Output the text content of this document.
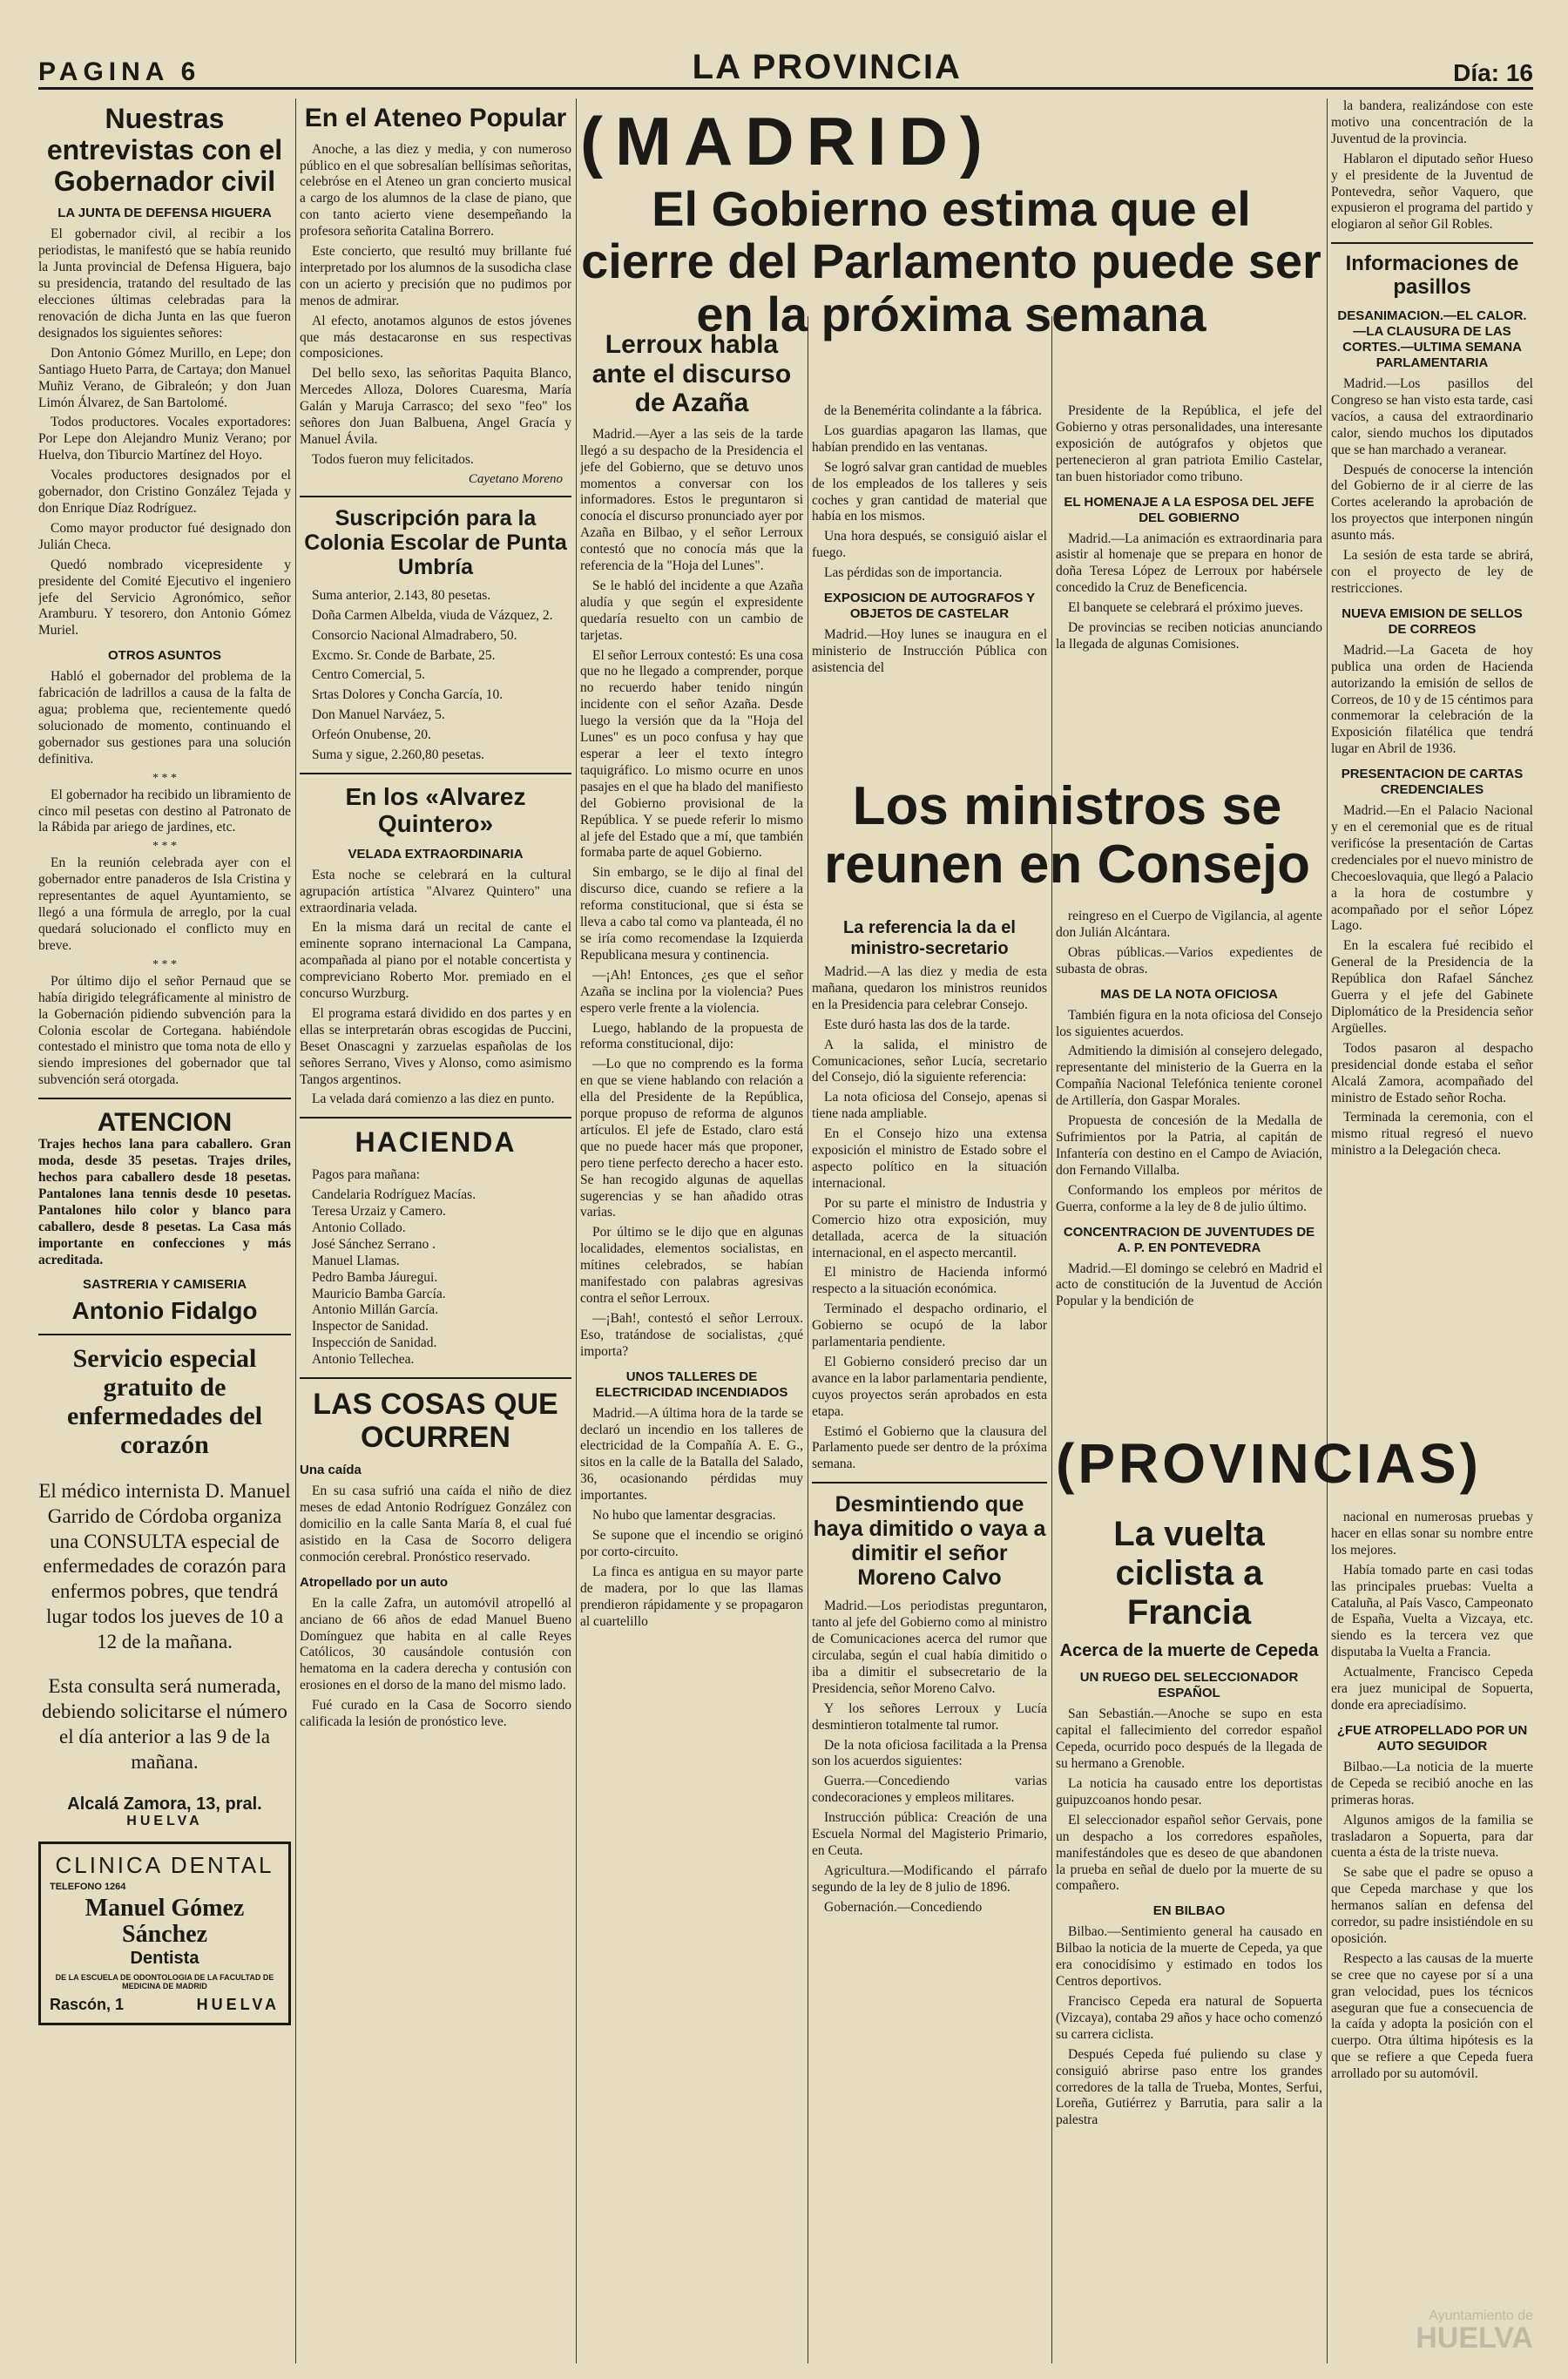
PAGINA 6	LA PROVINCIA	Día: 16
Nuestras entrevistas con el Gobernador civil
LA JUNTA DE DEFENSA HIGUERA

El gobernador civil, al recibir a los periodistas, le manifestó que se había reunido la Junta provincial de Defensa Higuera, bajo su presidencia, tratando del resultado de las elecciones últimas celebradas para la renovación de dicha Junta en las que fueron designados los siguientes señores:

Don Antonio Gómez Murillo, en Lepe; don Santiago Hueto Parra, de Cartaya; don Manuel Muñiz Verano, de Gibraleón; y don Juan Limón Álvarez, de San Bartolomé.

Todos productores. Vocales exportadores: Por Lepe don Alejandro Muniz Verano; por Huelva, don Tiburcio Martínez del Hoyo.

Vocales productores designados por el gobernador, don Cristino González Tejada y don Enrique Díaz Rodríguez.

Como mayor productor fué designado don Julián Checa.

Quedó nombrado vicepresidente y presidente del Comité Ejecutivo el ingeniero jefe del Servicio Agronómico, señor Aramburu. Y tesorero, don Antonio Gómez Muriel.

OTROS ASUNTOS

Habló el gobernador del problema de la fabricación de ladrillos a causa de la falta de agua; problema que, recientemente quedó solucionado de momento, continuando el gobernador sus gestiones para una solución definitiva.

* * *

El gobernador ha recibido un libramiento de cinco mil pesetas con destino al Patronato de la Rábida par ariego de jardines, etc.

* * *

En la reunión celebrada ayer con el gobernador entre panaderos de Isla Cristina y representantes de aquel Ayuntamiento, se llegó a una fórmula de arreglo, por la cual quedará solucionado el conflicto muy en breve.

* * *

Por último dijo el señor Pernaud que se había dirigido telegráficamente al ministro de la Gobernación pidiendo subvención para la Colonia escolar de Cortegana. habiéndole contestado el ministro que toma nota de ello y siendo impresiones del gobernador que tal subvención será otorgada.

ATENCION

Trajes hechos lana para caballero. Gran moda, desde 35 pesetas. Trajes driles, hechos para caballero desde 18 pesetas. Pantalones lana tennis desde 10 pesetas. Pantalones hilo color y blanco para caballero, desde 8 pesetas. La Casa más importante en confecciones y más acreditada.

SASTRERIA Y CAMISERIA
Antonio Fidalgo
Servicio especial gratuito de enfermedades del corazón

El médico internista D. Manuel Garrido de Córdoba organiza una CONSULTA especial de enfermedades de corazón para enfermos pobres, que tendrá lugar todos los jueves de 10 a 12 de la mañana.

Esta consulta será numerada, debiendo solicitarse el número el día anterior a las 9 de la mañana.

Alcalá Zamora, 13, pral.
HUELVA
CLINICA DENTAL
TELEFONO 1264
Manuel Gómez Sánchez
Dentista
DE LA ESCUELA DE ODONTOLOGIA DE LA FACULTAD DE MEDICINA DE MADRID
Rascón, 1	HUELVA
En el Ateneo Popular

Anoche, a las diez y media, y con numeroso público en el que sobresalían bellísimas señoritas, celebróse en el Ateneo un gran concierto musical a cargo de los alumnos de la clase de piano, que con tanto acierto viene desempeñando la profesora señorita Catalina Borrero.

Este concierto, que resultó muy brillante fué interpretado por los alumnos de la susodicha clase con un acierto y precisión que no pudimos por menos de admirar.

Al efecto, anotamos algunos de estos jóvenes que más destacaronse en sus respectivas composiciones.

Del bello sexo, las señoritas Paquita Blanco, Mercedes Alloza, Dolores Cuaresma, María Galán y Maruja Carrasco; del sexo "feo" los señores don Juan Balbuena, Angel Gracía y Manuel Ávila.

Todos fueron muy felicitados.

Cayetano Moreno
Suscripción para la Colonia Escolar de Punta Umbría

Suma anterior, 2.143, 80 pesetas.

Doña Carmen Albelda, viuda de Vázquez, 2.

Consorcio Nacional Almadrabero, 50.

Excmo. Sr. Conde de Barbate, 25.

Centro Comercial, 5.

Srtas Dolores y Concha García, 10.

Don Manuel Narváez, 5.

Orfeón Onubense, 20.

Suma y sigue, 2.260,80 pesetas.

En los «Alvarez Quintero»
VELADA EXTRAORDINARIA

Esta noche se celebrará en la cultural agrupación artística "Alvarez Quintero" una extraordinaria velada.

En la misma dará un recital de cante el eminente soprano internacional La Campana, acompañada al piano por el notable concertista y compreviciano Roberto Mor. premiado en el concurso Wurzburg.

El programa estará dividido en dos partes y en ellas se interpretarán obras escogidas de Puccini, Beset Onascagni y zarzuelas españolas de los señores Serrano, Vives y Alonso, como asimismo Tangos argentinos.

La velada dará comienzo a las diez en punto.

HACIENDA

Pagos para mañana:

Candelaria Rodríguez Macías.
Teresa Urzaiz y Camero.
Antonio Collado.
José Sánchez Serrano .
Manuel Llamas.
Pedro Bamba Jáuregui.
Mauricio Bamba García.
Antonio Millán García.
Inspector de Sanidad.
Inspección de Sanidad.
Antonio Tellechea.
LAS COSAS QUE OCURREN
Una caída

En su casa sufrió una caída el niño de diez meses de edad Antonio Rodríguez González con domicilio en la calle Santa María 8, el cual fué asistido en la Casa de Socorro deligera conmoción cerebral. Pronóstico reservado.

Atropellado por un auto

En la calle Zafra, un automóvil atropelló al anciano de 66 años de edad Manuel Bueno Domínguez que habita en al calle Reyes Católicos, 30 causándole contusión con hematoma en la cadera derecha y contusión con erosiones en el dorso de la mano del mismo lado.

Fué curado en la Casa de Socorro siendo calificada la lesión de pronóstico leve.

(MADRID)
El Gobierno estima que el cierre del Parlamento puede ser en la próxima semana
Lerroux habla ante el discurso de Azaña

Madrid.—Ayer a las seis de la tarde llegó a su despacho de la Presidencia el jefe del Gobierno, que se detuvo unos momentos a conversar con los informadores. Estos le preguntaron si conocía el discurso pronunciado ayer por Azaña en Bilbao, y el señor Lerroux contestó que no conocía más que la referencia de la "Hoja del Lunes".

Se le habló del incidente a que Azaña aludía y que según el expresidente quedaría resuelto con un cambio de tarjetas.

El señor Lerroux contestó: Es una cosa que no he llegado a comprender, porque no recuerdo haber tenido ningún incidente con el señor Azaña. Desde luego la versión que da la "Hoja del Lunes" es un poco confusa y hay que esperar a leer el texto íntegro taquigráfico. Lo mismo ocurre en unos pasajes en el que ha blado del manifiesto del Gobierno provisional de la República. Y se puede referir lo mismo al jefe del Estado que a mí, que también formaba parte de aquel Gobierno.

Sin embargo, se le dijo al final del discurso dice, cuando se refiere a la reforma constitucional, que si ésta se lleva a cabo tal como va planteada, él no se iría como recomendase la Izquierda Republicana mesura y continencia.

—¡Ah! Entonces, ¿es que el señor Azaña se inclina por la violencia? Pues espero verle frente a la violencia.

Luego, hablando de la propuesta de reforma constitucional, dijo:

—Lo que no comprendo es la forma en que se viene hablando con relación a ella del Presidente de la República, porque propuso de reforma de algunos artículos. El jefe de Estado, claro está que no puede hacer más que proponer, pero tiene perfecto derecho a hacer esto. Se han recogido algunas de aquellas sugerencias y se han añadido otras varias.

Por último se le dijo que en algunas localidades, elementos socialistas, en mítines celebrados, se habían manifestado con palabras agresivas contra el señor Lerroux.

—¡Bah!, contestó el señor Lerroux. Eso, tratándose de socialistas, ¿qué importa?

UNOS TALLERES DE ELECTRICIDAD INCENDIADOS

Madrid.—A última hora de la tarde se declaró un incendio en los talleres de electricidad de la Compañía A. E. G., sitos en la calle de la Batalla del Salado, 36, ocasionando pérdidas muy importantes.

No hubo que lamentar desgracias.

Se supone que el incendio se originó por corto-circuito.

La finca es antigua en su mayor parte de madera, por lo que las llamas prendieron rápidamente y se propagaron al cuartelillo

de la Benemérita colindante a la fábrica.

Los guardias apagaron las llamas, que habían prendido en las ventanas.

Se logró salvar gran cantidad de muebles de los empleados de los talleres y seis coches y gran cantidad de material que había en los mismos.

Una hora después, se consiguió aislar el fuego.

Las pérdidas son de importancia.

EXPOSICION DE AUTOGRAFOS Y OBJETOS DE CASTELAR

Madrid.—Hoy lunes se inaugura en el ministerio de Instrucción Pública con asistencia del

Presidente de la República, el jefe del Gobierno y otras personalidades, una interesante exposición de autógrafos y objetos que pertenecieron al gran patriota Emilio Castelar, tan buen historiador como tribuno.

EL HOMENAJE A LA ESPOSA DEL JEFE DEL GOBIERNO

Madrid.—La animación es extraordinaria para asistir al homenaje que se prepara en honor de doña Teresa López de Lerroux por habérsele concedido la Cruz de Beneficencia.

El banquete se celebrará el próximo jueves.

De provincias se reciben noticias anunciando la llegada de algunas Comisiones.

Los ministros se reunen en Consejo
La referencia la da el ministro-secretario

Madrid.—A las diez y media de esta mañana, quedaron los ministros reunidos en la Presidencia para celebrar Consejo.

Este duró hasta las dos de la tarde.

A la salida, el ministro de Comunicaciones, señor Lucía, secretario del Consejo, dió la siguiente referencia:

La nota oficiosa del Consejo, apenas si tiene nada ampliable.

En el Consejo hizo una extensa exposición el ministro de Estado sobre el aspecto político en la situación internacional.

Por su parte el ministro de Industria y Comercio hizo otra exposición, muy detallada, acerca de la situación internacional, en el aspecto mercantil.

El ministro de Hacienda informó respecto a la situación económica.

Terminado el despacho ordinario, el Gobierno se ocupó de la labor parlamentaria pendiente.

El Gobierno consideró preciso dar un avance en la labor parlamentaria pendiente, cuyos proyectos serán aprobados en esta etapa.

Estimó el Gobierno que la clausura del Parlamento puede ser dentro de la próxima semana.

Desmintiendo que haya dimitido o vaya a dimitir el señor Moreno Calvo

Madrid.—Los periodistas preguntaron, tanto al jefe del Gobierno como al ministro de Comunicaciones acerca del rumor que circulaba, según el cual había dimitido o iba a dimitir el subsecretario de la Presidencia, señor Moreno Calvo.

Y los señores Lerroux y Lucía desmintieron totalmente tal rumor.

De la nota oficiosa facilitada a la Prensa son los acuerdos siguientes:

Guerra.—Concediendo varias condecoraciones y empleos militares.

Instrucción pública: Creación de una Escuela Normal del Magisterio Primario, en Ceuta.

Agricultura.—Modificando el párrafo segundo de la ley de 8 julio de 1896.

Gobernación.—Concediendo

reingreso en el Cuerpo de Vigilancia, al agente don Julián Alcántara.

Obras públicas.—Varios expedientes de subasta de obras.

MAS DE LA NOTA OFICIOSA

También figura en la nota oficiosa del Consejo los siguientes acuerdos.

Admitiendo la dimisión al consejero delegado, representante del ministerio de la Guerra en la Compañía Nacional Telefónica teniente coronel de Artillería, don Gaspar Morales.

Propuesta de concesión de la Medalla de Sufrimientos por la Patria, al capitán de Infantería con destino en el Campo de Aviación, don Fernando Villalba.

Conformando los empleos por méritos de Guerra, conforme a la ley de 8 de julio último.

CONCENTRACION DE JUVENTUDES DE A. P. EN PONTEVEDRA

Madrid.—El domingo se celebró en Madrid el acto de constitución de la Juventud de Acción Popular y la bendición de

(PROVINCIAS)
La vuelta ciclista a Francia
Acerca de la muerte de Cepeda
UN RUEGO DEL SELECCIONADOR ESPAÑOL

San Sebastián.—Anoche se supo en esta capital el fallecimiento del corredor español Cepeda, ocurrido poco después de la llegada de su hermano a Grenoble.

La noticia ha causado entre los deportistas guipuzcoanos hondo pesar.

El seleccionador español señor Gervais, pone un despacho a los corredores españoles, manifestándoles que es deseo de que abandonen la prueba en señal de duelo por la muerte de su compañero.

EN BILBAO

Bilbao.—Sentimiento general ha causado en Bilbao la noticia de la muerte de Cepeda, ya que era conocidísimo y estimado en todos los Centros deportivos.

Francisco Cepeda era natural de Sopuerta (Vizcaya), contaba 29 años y hace ocho comenzó su carrera ciclista.

Después Cepeda fué puliendo su clase y consiguió abrirse paso entre los grandes corredores de la talla de Trueba, Montes, Serfui, Loreña, Gutiérrez y Barrutia, para salir a la palestra

la bandera, realizándose con este motivo una concentración de la Juventud de la provincia.

Hablaron el diputado señor Hueso y el presidente de la Juventud de Pontevedra, señor Vaquero, que expusieron el programa del partido y elogiaron al señor Gil Robles.

Informaciones de pasillos
DESANIMACION.—EL CALOR.—LA CLAUSURA DE LAS CORTES.—ULTIMA SEMANA PARLAMENTARIA

Madrid.—Los pasillos del Congreso se han visto esta tarde, casi vacíos, a causa del extraordinario calor, siendo muchos los diputados que se han marchado a veranear.

Después de conocerse la intención del Gobierno de ir al cierre de las Cortes acelerando la aprobación de los proyectos que interponen ningún asunto más.

La sesión de esta tarde se abrirá, con el proyecto de ley de restricciones.

NUEVA EMISION DE SELLOS DE CORREOS

Madrid.—La Gaceta de hoy publica una orden de Hacienda autorizando la emisión de sellos de Correos, de 10 y de 15 céntimos para conmemorar la celebración de la Exposición filatélica que tendrá lugar en Abril de 1936.

PRESENTACION DE CARTAS CREDENCIALES

Madrid.—En el Palacio Nacional y en el ceremonial que es de ritual verificóse la presentación de Cartas credenciales por el nuevo ministro de Checoeslovaquia, que llegó a Palacio a la hora de costumbre y acompañado por el señor López Lago.

En la escalera fué recibido el General de la Presidencia de la República don Rafael Sánchez Guerra y el jefe del Gabinete Diplomático de la Presidencia señor Argüelles.

Todos pasaron al despacho presidencial donde estaba el señor Alcalá Zamora, acompañado del ministro de Estado señor Rocha.

Terminada la ceremonia, con el mismo ritual regresó el nuevo ministro a la Delegación checa.

nacional en numerosas pruebas y hacer en ellas sonar su nombre entre los mejores.

Había tomado parte en casi todas las principales pruebas: Vuelta a Cataluña, al País Vasco, Campeonato de España, Vuelta a Vizcaya, etc. siendo es la tercera vez que disputaba la Vuelta a Francia.

Actualmente, Francisco Cepeda era juez municipal de Sopuerta, donde era apreciadísimo.

¿FUE ATROPELLADO POR UN AUTO SEGUIDOR

Bilbao.—La noticia de la muerte de Cepeda se recibió anoche en las primeras horas.

Algunos amigos de la familia se trasladaron a Sopuerta, para dar cuenta a ésta de la triste nueva.

Se sabe que el padre se opuso a que Cepeda marchase y que los hermanos salían en defensa del corredor, su padre insistiéndole en su oposición.

Respecto a las causas de la muerte se cree que no cayese por sí a una gran velocidad, pues los técnicos aseguran que fue a consecuencia de la caída y adopta la posición con el cuerpo. Otra última hipótesis es la que se refiere a que Cepeda fuera arrollado por su automóvil.

Ayuntamiento de
HUELVA
